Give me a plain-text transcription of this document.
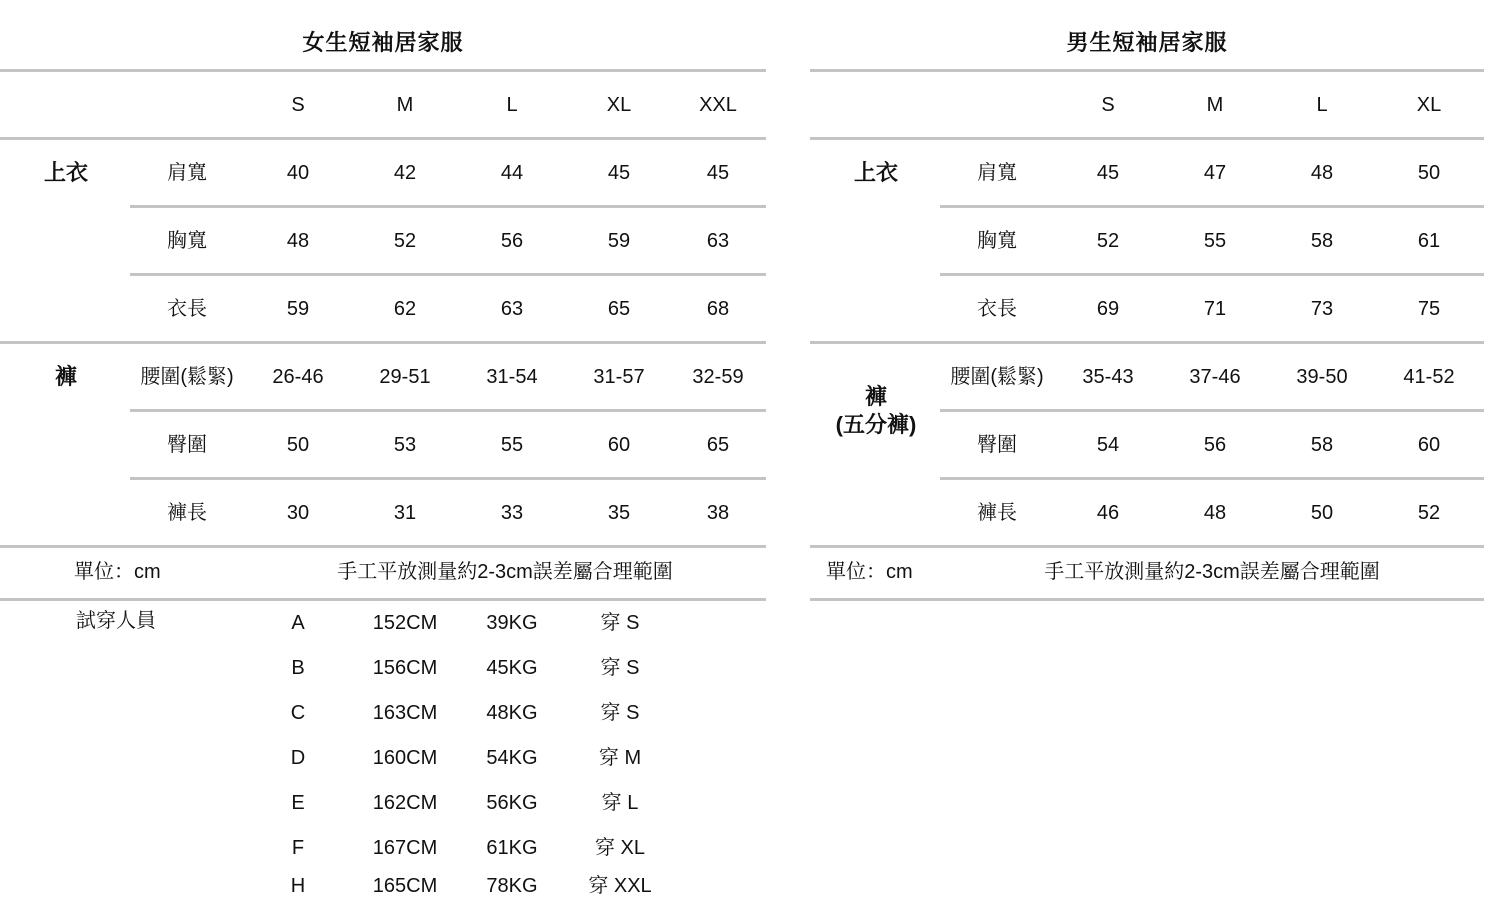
女生短袖居家服
S	M	L	XL	XXL
上衣
褲
肩寬	40	42	44	45	45
胸寬	48	52	56	59	63
衣長	59	62	63	65	68
腰圍(鬆緊) 26-46	29-51	31-54	31-57 32-59
臀圍	50	53	55	60	65
褲長	30	31	33	35	38
單位：cm	手工平放測量約2-3cm誤差屬合理範圍
試穿人員	A	152CM 39KG	穿 S
B	156CM 45KG	穿 S
C	163CM 48KG	穿 S
D	160CM 54KG	穿 M
E	162CM 56KG	穿 L
F	167CM 61KG	穿 XL
H	165CM 78KG	穿 XXL
男生短袖居家服
S	M	L	XL
上衣
褲
(五分褲)
肩寬	45	47	48	50
胸寬	52	55	58	61
衣長	69	71	73	75
腰圍(鬆緊) 35-43	37-46	39-50	41-52
臀圍	54	56	58	60
褲長	46	48	50	52
單位：cm	手工平放測量約2-3cm誤差屬合理範圍
